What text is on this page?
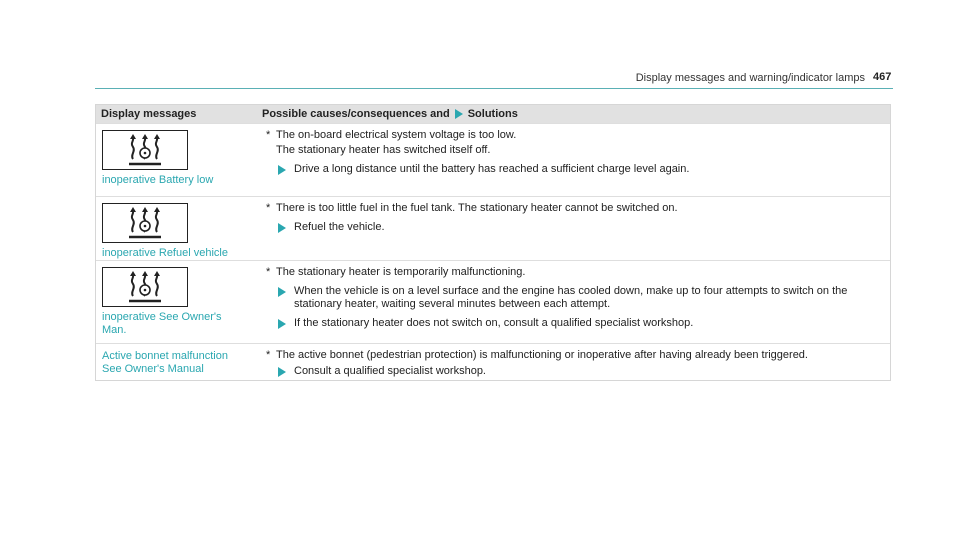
Display messages and warning/indicator lamps 467
Display messages	Possible causes/consequences and Solutions
inoperative Battery low
* The on-board electrical system voltage is too low.
The stationary heater has switched itself off.
Drive a long distance until the battery has reached a sufficient charge level again.
inoperative Refuel vehicle
* There is too little fuel in the fuel tank. The stationary heater cannot be switched on.
Refuel the vehicle.
inoperative See Owner's Man.
* The stationary heater is temporarily malfunctioning.
When the vehicle is on a level surface and the engine has cooled down, make up to four attempts to switch on the stationary heater, waiting several minutes between each attempt.
If the stationary heater does not switch on, consult a qualified specialist workshop.
Active bonnet malfunction See Owner's Manual
* The active bonnet (pedestrian protection) is malfunctioning or inoperative after having already been triggered.
Consult a qualified specialist workshop.
